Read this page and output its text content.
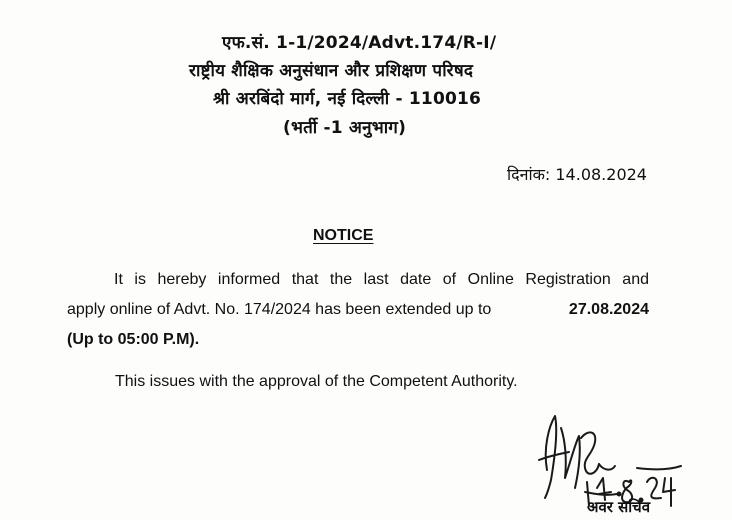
एफ.सं. 1-1/2024/Advt.174/R-I/
राष्ट्रीय शैक्षिक अनुसंधान और प्रशिक्षण परिषद
श्री अरबिंदो मार्ग, नई दिल्ली - 110016
(भर्ती -1 अनुभाग)
दिनांक: 14.08.2024
NOTICE
It is hereby informed that the last date of Online Registration and
apply online of Advt. No. 174/2024 has been extended up to	27.08.2024
(Up to 05:00 P.M).
This issues with the approval of the Competent Authority.
अवर सचिव
